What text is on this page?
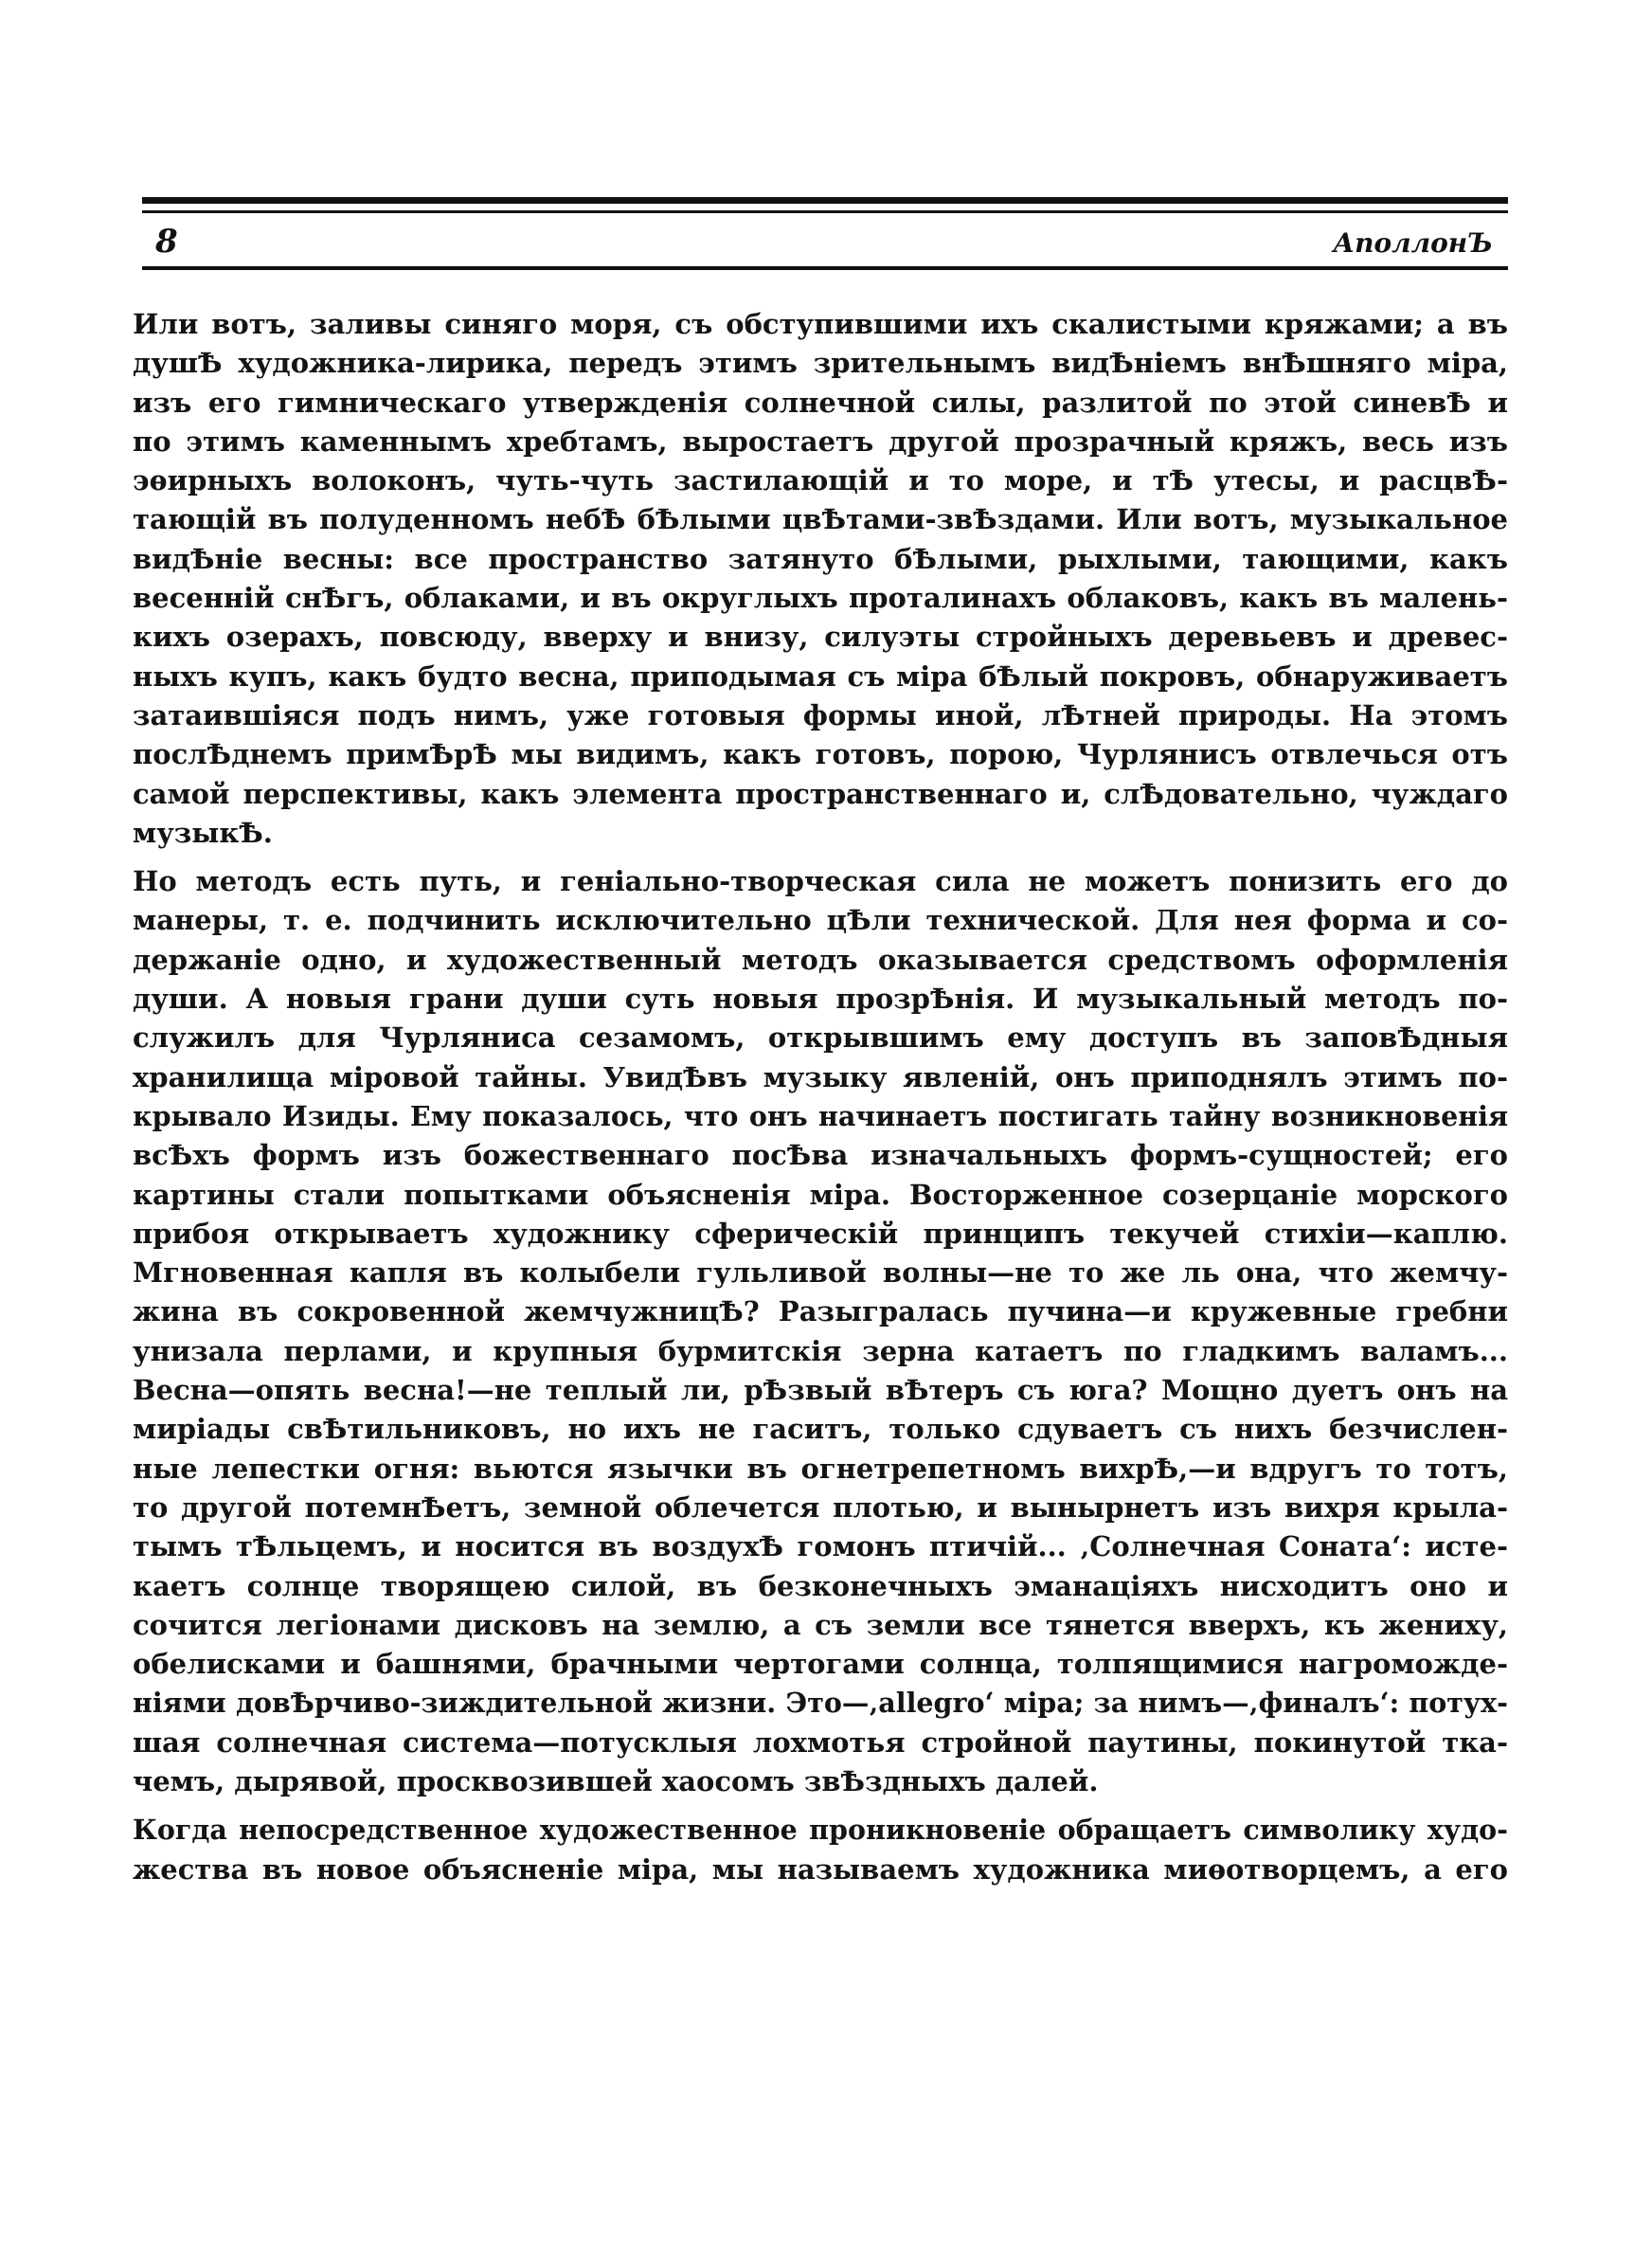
8	АполлонЪ
Или вотъ, заливы синяго моря, съ обступившими ихъ скалистыми кряжами; а въ
душѢ художника-лирика, передъ этимъ зрительнымъ видѢніемъ внѢшняго міра,
изъ его гимническаго утвержденія солнечной силы, разлитой по этой синевѢ и
по этимъ каменнымъ хребтамъ, выростаетъ другой прозрачный кряжъ, весь изъ
эѳирныхъ волоконъ, чуть-чуть застилающій и то море, и тѢ утесы, и расцвѢ-
тающій въ полуденномъ небѢ бѢлыми цвѢтами-звѢздами. Или вотъ, музыкальное
видѢніе весны: все пространство затянуто бѢлыми, рыхлыми, тающими, какъ
весенній снѢгъ, облаками, и въ округлыхъ проталинахъ облаковъ, какъ въ малень-
кихъ озерахъ, повсюду, вверху и внизу, силуэты стройныхъ деревьевъ и древес-
ныхъ купъ, какъ будто весна, приподымая съ міра бѢлый покровъ, обнаруживаетъ
затаившіяся подъ нимъ, уже готовыя формы иной, лѢтней природы. На этомъ
послѢднемъ примѢрѢ мы видимъ, какъ готовъ, порою, Чурлянисъ отвлечься отъ
самой перспективы, какъ элемента пространственнаго и, слѢдовательно, чуждаго
музыкѢ.
Но методъ есть путь, и геніально-творческая сила не можетъ понизить его до
манеры, т. е. подчинить исключительно цѢли технической. Для нея форма и со-
держаніе одно, и художественный методъ оказывается средствомъ оформленія
души. А новыя грани души суть новыя прозрѢнія. И музыкальный методъ по-
служилъ для Чурлянисa сезамомъ, открывшимъ ему доступъ въ заповѢдныя
хранилища міровой тайны. УвидѢвъ музыку явленій, онъ приподнялъ этимъ по-
крывало Изиды. Ему показалось, что онъ начинаетъ постигать тайну возникновенія
всѢхъ формъ изъ божественнаго посѢва изначальныхъ формъ-сущностей; его
картины стали попытками объясненія міра. Восторженное созерцаніе морского
прибоя открываетъ художнику сферическій принципъ текучей стихіи—каплю.
Мгновенная капля въ колыбели гульливой волны—не то же ль она, что жемчу-
жина въ сокровенной жемчужницѢ? Разыгралась пучина—и кружевные гребни
унизала перлами, и крупныя бурмитскія зерна катаетъ по гладкимъ валамъ...
Весна—опять весна!—не теплый ли, рѢзвый вѢтеръ съ юга? Мощно дуетъ онъ на
миріады свѢтильниковъ, но ихъ не гаситъ, только сдуваетъ съ нихъ безчислен-
ные лепестки огня: вьются язычки въ огнетрепетномъ вихрѢ,—и вдругъ то тотъ,
то другой потемнѢетъ, земной облечется плотью, и вынырнетъ изъ вихря крыла-
тымъ тѢльцемъ, и носится въ воздухѢ гомонъ птичій... ‚Солнечная Соната‘: исте-
каетъ солнце творящею силой, въ безконечныхъ эманаціяхъ нисходитъ оно и
сочится легіонами дисковъ на землю, а съ земли все тянется вверхъ, къ жениху,
обелисками и башнями, брачными чертогами солнца, толпящимися нагроможде-
ніями довѢрчиво-зиждительной жизни. Это—‚allegro‘ міра; за нимъ—‚финалъ‘: потух-
шая солнечная система—потусклыя лохмотья стройной паутины, покинутой тка-
чемъ, дырявой, просквозившей хаосомъ звѢздныхъ далей.
Когда непосредственное художественное проникновеніе обращаетъ символику худо-
жества въ новое объясненіе міра, мы называемъ художника миѳотворцемъ, а его
